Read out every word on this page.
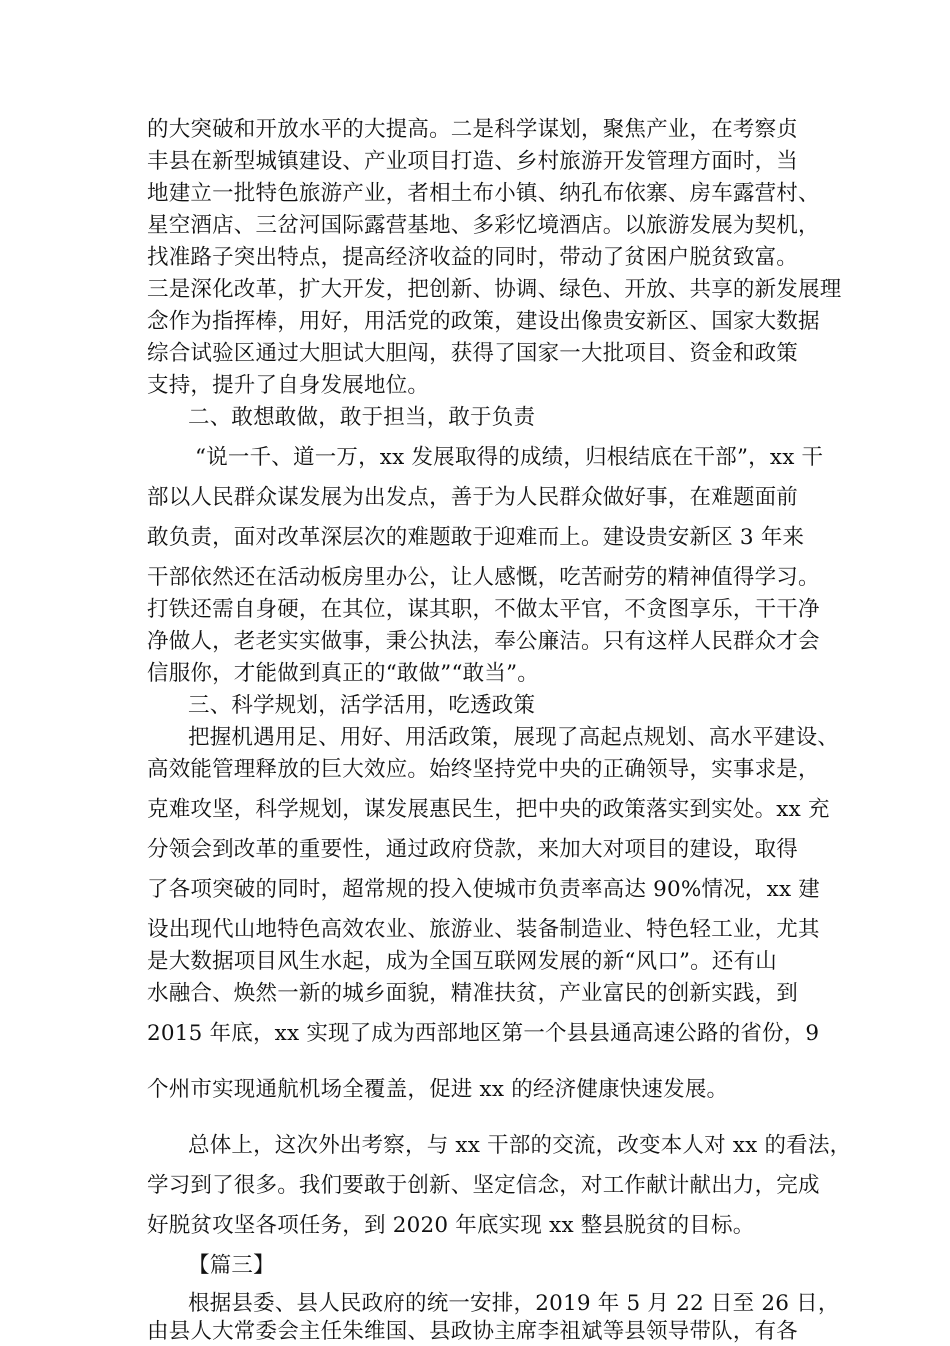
的大突破和开放水平的大提高。二是科学谋划，聚焦产业，在考察贞
丰县在新型城镇建设、产业项目打造、乡村旅游开发管理方面时，当
地建立一批特色旅游产业，者相土布小镇、纳孔布依寨、房车露营村、
星空酒店、三岔河国际露营基地、多彩忆境酒店。以旅游发展为契机，
找准路子突出特点，提高经济收益的同时，带动了贫困户脱贫致富。
三是深化改革，扩大开发，把创新、协调、绿色、开放、共享的新发展理
念作为指挥棒，用好，用活党的政策，建设出像贵安新区、国家大数据
综合试验区通过大胆试大胆闯，获得了国家一大批项目、资金和政策
支持，提升了自身发展地位。
二、敢想敢做，敢于担当，敢于负责
“说一千、道一万，xx 发展取得的成绩，归根结底在干部”，xx 干
部以人民群众谋发展为出发点，善于为人民群众做好事，在难题面前
敢负责，面对改革深层次的难题敢于迎难而上。建设贵安新区 3 年来
干部依然还在活动板房里办公，让人感慨，吃苦耐劳的精神值得学习。
打铁还需自身硬，在其位，谋其职，不做太平官，不贪图享乐，干干净
净做人，老老实实做事，秉公执法，奉公廉洁。只有这样人民群众才会
信服你，才能做到真正的“敢做”“敢当”。
三、科学规划，活学活用，吃透政策
把握机遇用足、用好、用活政策，展现了高起点规划、高水平建设、
高效能管理释放的巨大效应。始终坚持党中央的正确领导，实事求是，
克难攻坚，科学规划，谋发展惠民生，把中央的政策落实到实处。xx 充
分领会到改革的重要性，通过政府贷款，来加大对项目的建设，取得
了各项突破的同时，超常规的投入使城市负责率高达 90%情况，xx 建
设出现代山地特色高效农业、旅游业、装备制造业、特色轻工业，尤其
是大数据项目风生水起，成为全国互联网发展的新“风口”。还有山
水融合、焕然一新的城乡面貌，精准扶贫，产业富民的创新实践，到
2015 年底，xx 实现了成为西部地区第一个县县通高速公路的省份，9
个州市实现通航机场全覆盖，促进 xx 的经济健康快速发展。
总体上，这次外出考察，与 xx 干部的交流，改变本人对 xx 的看法，
学习到了很多。我们要敢于创新、坚定信念，对工作献计献出力，完成
好脱贫攻坚各项任务，到 2020 年底实现 xx 整县脱贫的目标。
【篇三】
根据县委、县人民政府的统一安排，2019 年 5 月 22 日至 26 日，
由县人大常委会主任朱维国、县政协主席李祖斌等县领导带队，有各
